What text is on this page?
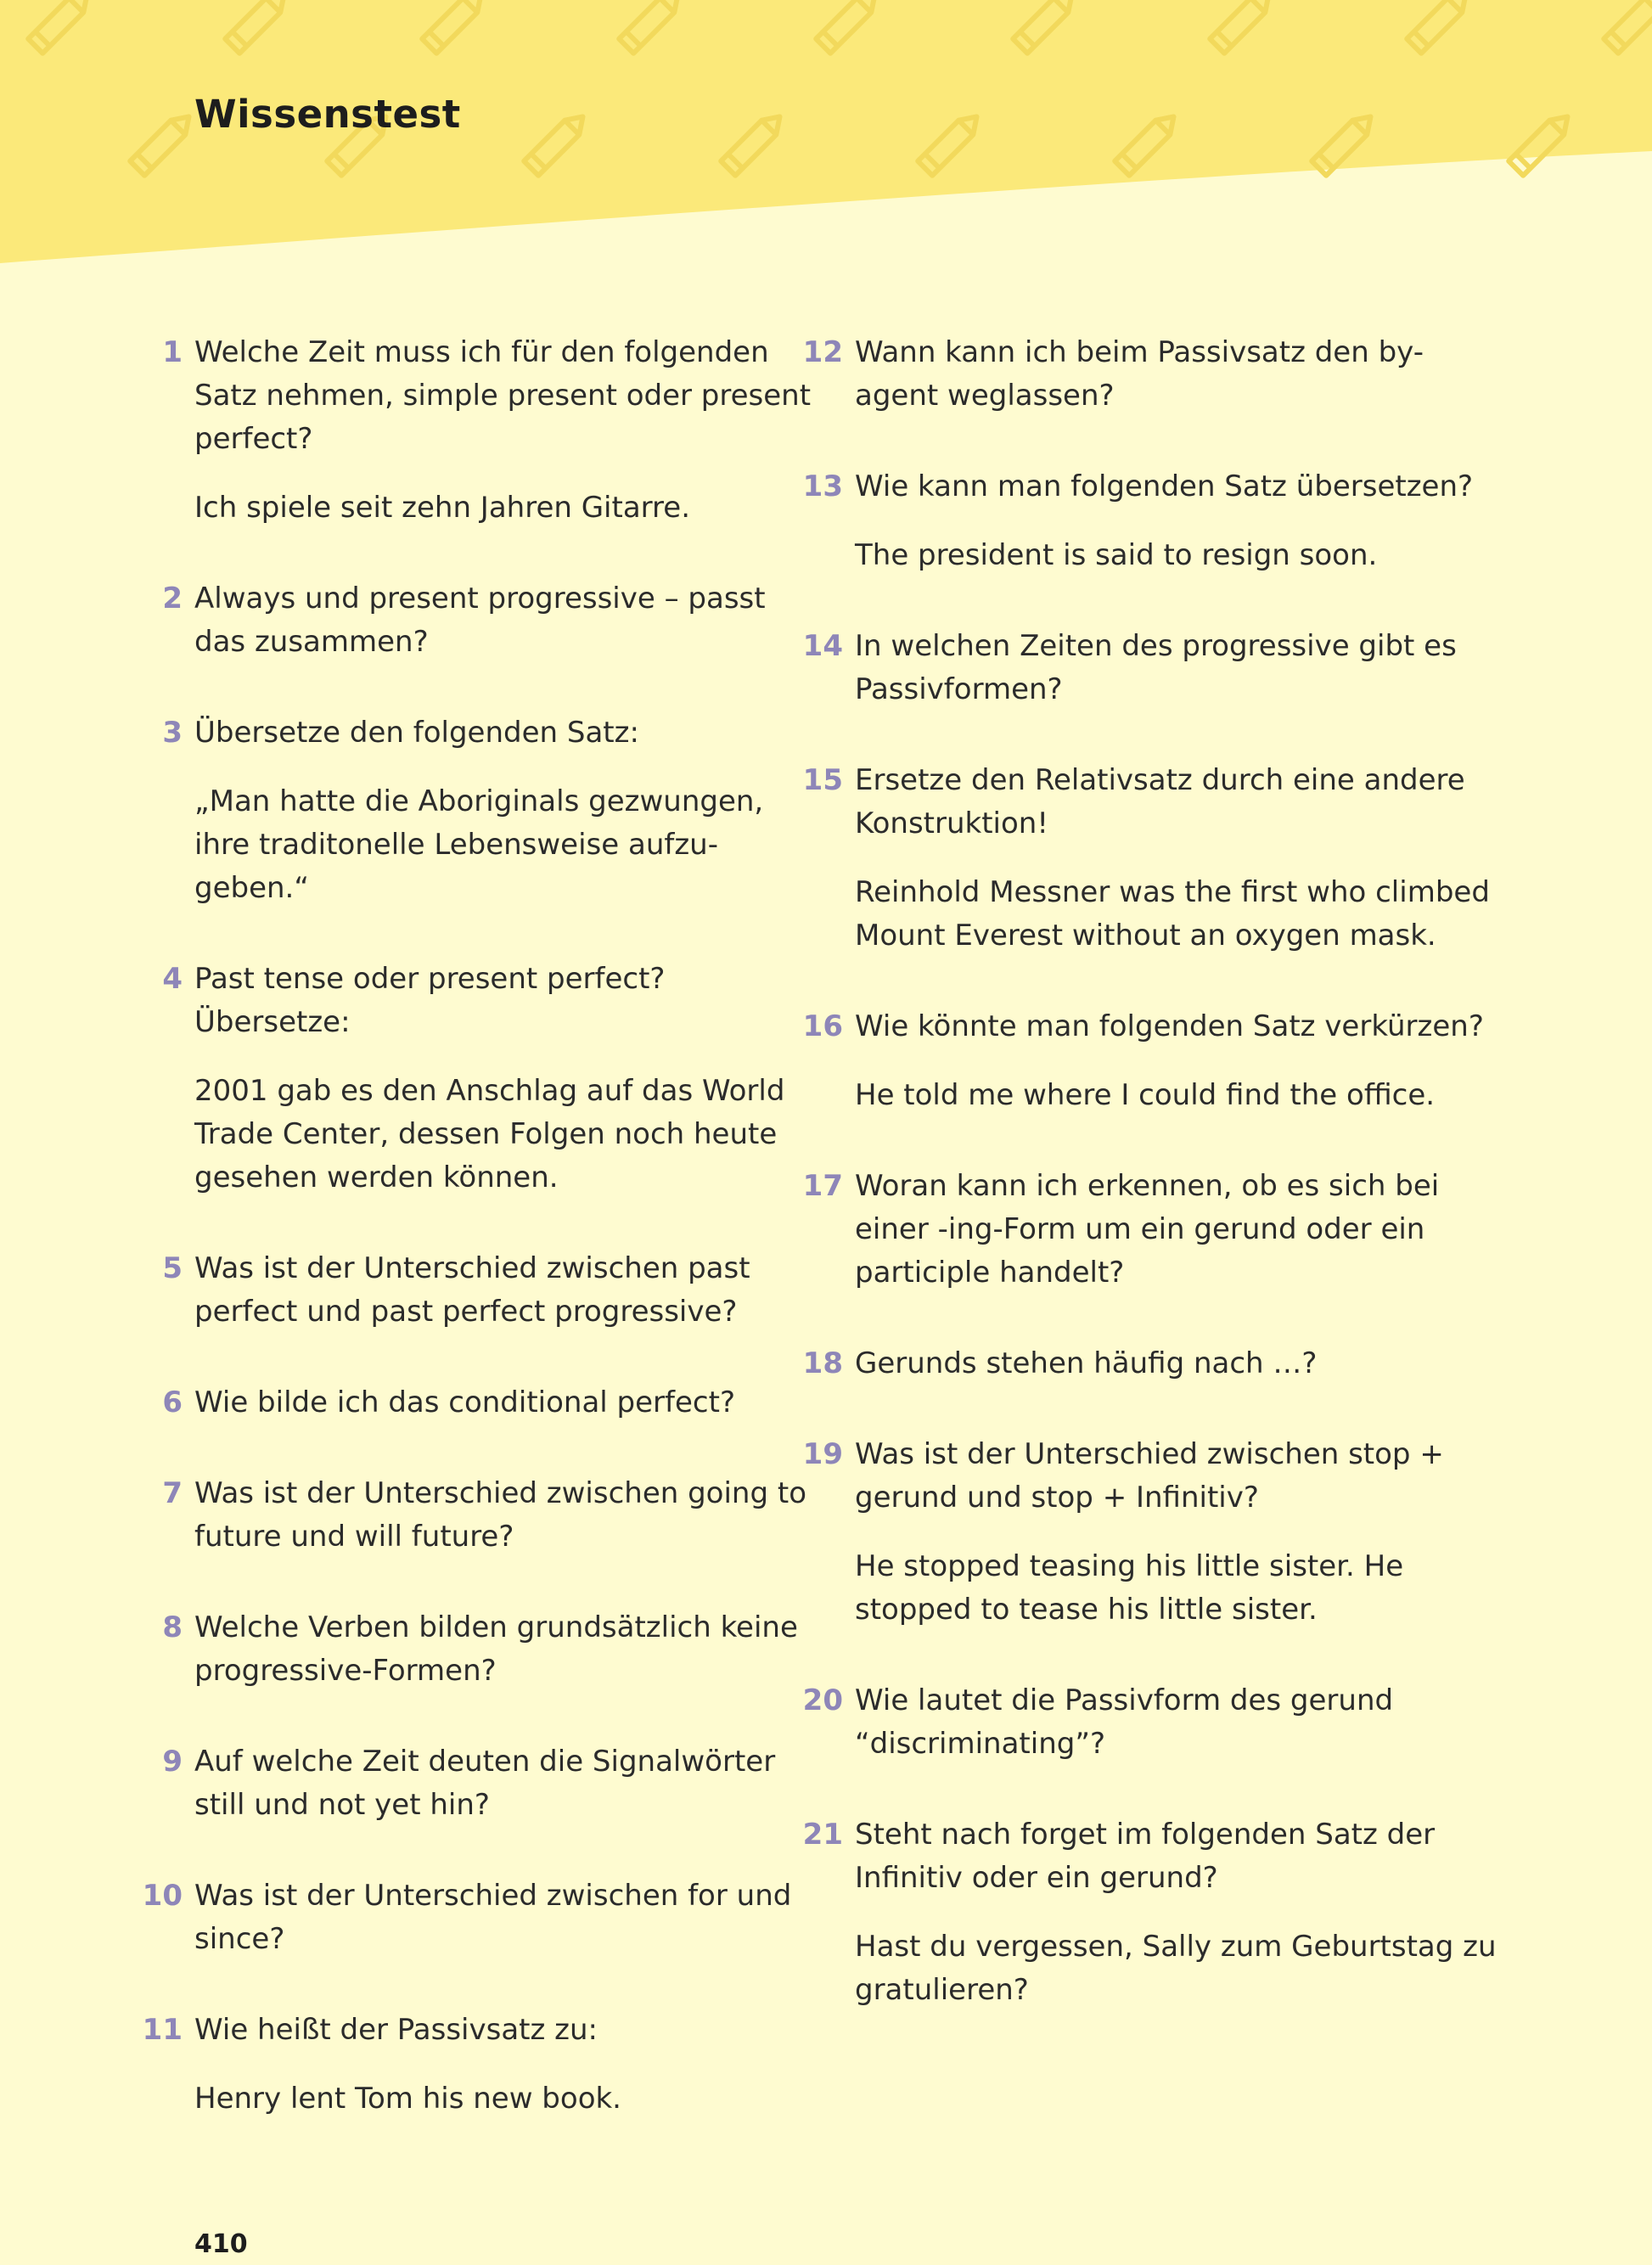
Wissenstest
1 Welche Zeit muss ich für den folgenden Satz nehmen, simple present oder present perfect?
Ich spiele seit zehn Jahren Gitarre.
2 Always und present progressive – passt das zusammen?
3 Übersetze den folgenden Satz:
„Man hatte die Aboriginals gezwungen, ihre traditonelle Lebensweise aufzu-geben.“
4 Past tense oder present perfect? Übersetze:
2001 gab es den Anschlag auf das World Trade Center, dessen Folgen noch heute gesehen werden können.
5 Was ist der Unterschied zwischen past perfect und past perfect progressive?
6 Wie bilde ich das conditional perfect?
7 Was ist der Unterschied zwischen going to future und will future?
8 Welche Verben bilden grundsätzlich keine progressive-Formen?
9 Auf welche Zeit deuten die Signalwörter still und not yet hin?
10 Was ist der Unterschied zwischen for und since?
11 Wie heißt der Passivsatz zu:
Henry lent Tom his new book.
12 Wann kann ich beim Passivsatz den by-agent weglassen?
13 Wie kann man folgenden Satz übersetzen?
The president is said to resign soon.
14 In welchen Zeiten des progressive gibt es Passivformen?
15 Ersetze den Relativsatz durch eine andere Konstruktion!
Reinhold Messner was the first who climbed Mount Everest without an oxygen mask.
16 Wie könnte man folgenden Satz verkürzen?
He told me where I could find the office.
17 Woran kann ich erkennen, ob es sich bei einer -ing-Form um ein gerund oder ein participle handelt?
18 Gerunds stehen häufig nach …?
19 Was ist der Unterschied zwischen stop + gerund und stop + Infinitiv?
He stopped teasing his little sister. He stopped to tease his little sister.
20 Wie lautet die Passivform des gerund “discriminating”?
21 Steht nach forget im folgenden Satz der Infinitiv oder ein gerund?
Hast du vergessen, Sally zum Geburtstag zu gratulieren?
410
